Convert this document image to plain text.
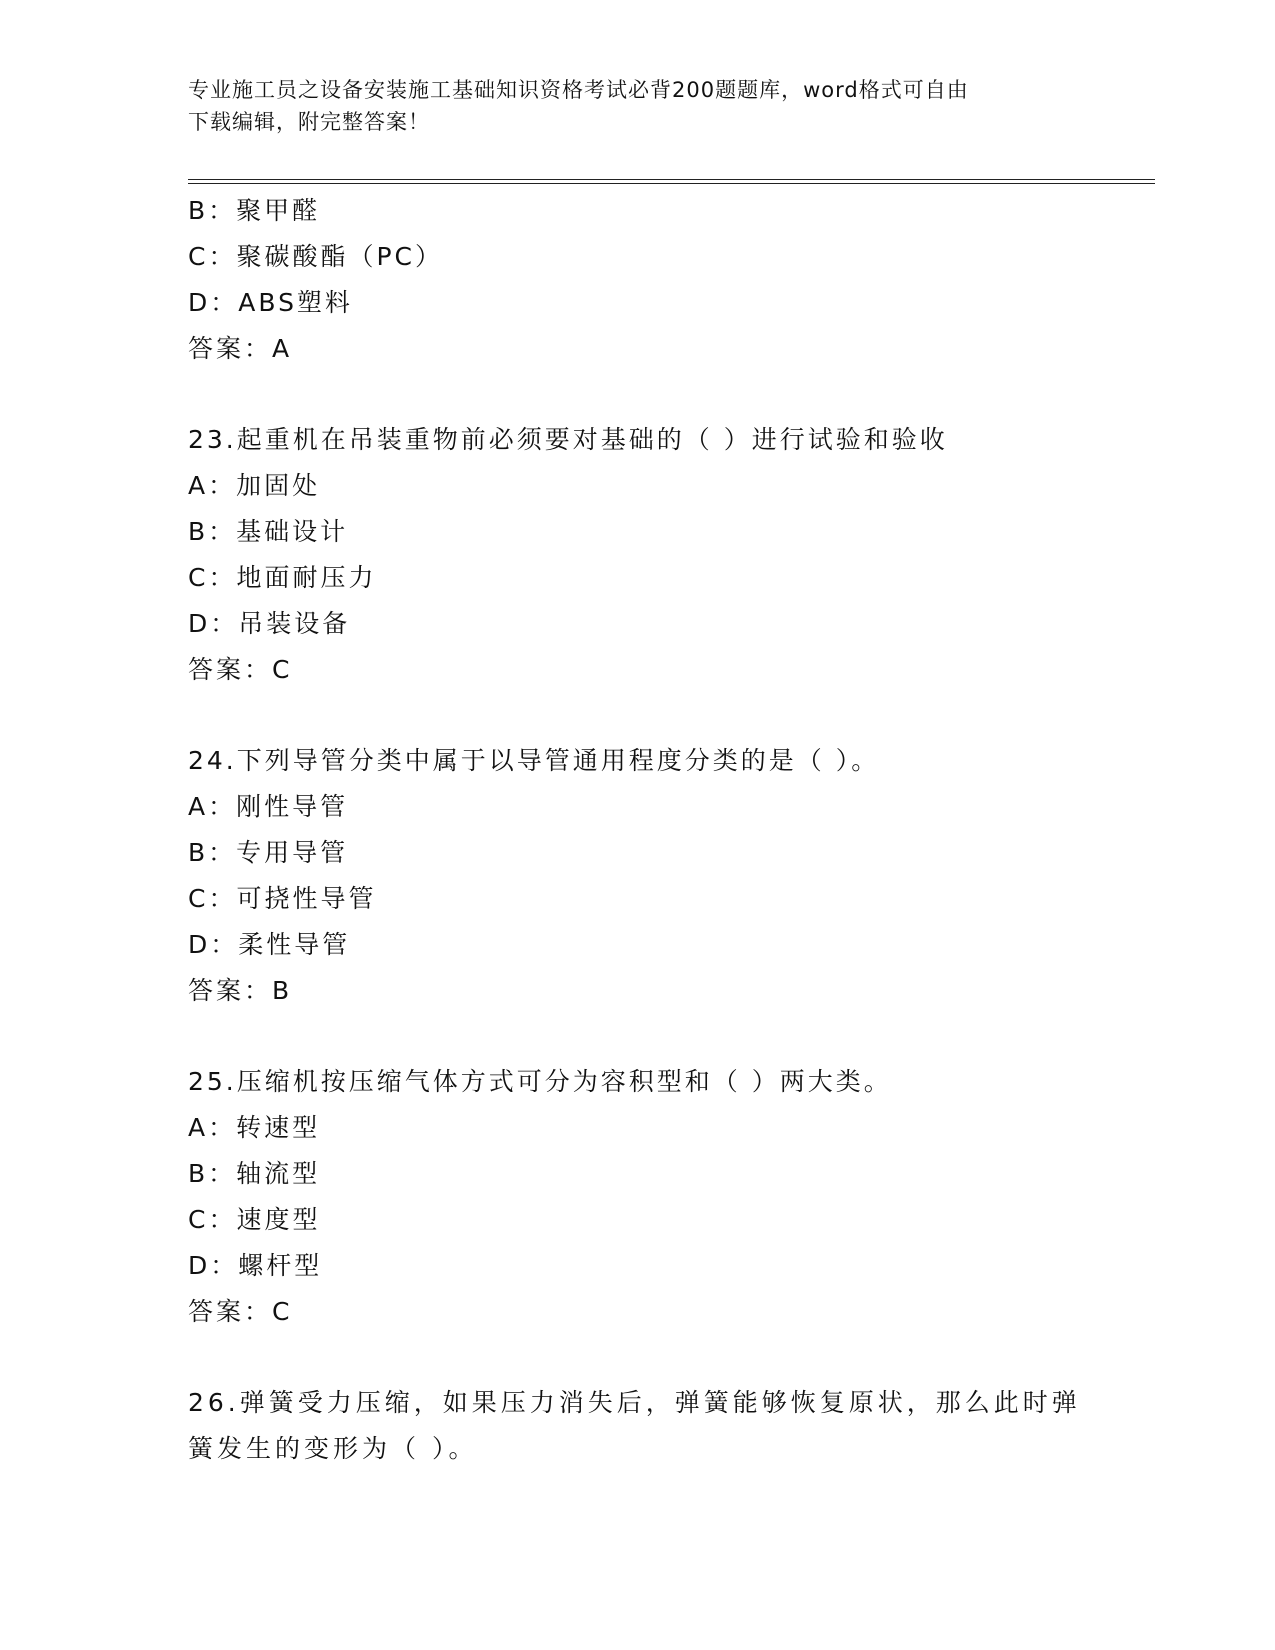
专业施工员之设备安装施工基础知识资格考试必背200题题库，word格式可自由
下载编辑，附完整答案！
B：聚甲醛
C：聚碳酸酯（PC）
D：ABS塑料
答案：A
23.起重机在吊装重物前必须要对基础的（ ）进行试验和验收
A：加固处
B：基础设计
C：地面耐压力
D：吊装设备
答案：C
24.下列导管分类中属于以导管通用程度分类的是（ ）。
A：刚性导管
B：专用导管
C：可挠性导管
D：柔性导管
答案：B
25.压缩机按压缩气体方式可分为容积型和（ ）两大类。
A：转速型
B：轴流型
C：速度型
D：螺杆型
答案：C
26.弹簧受力压缩，如果压力消失后，弹簧能够恢复原状，那么此时弹簧发生的变形为（ ）。
